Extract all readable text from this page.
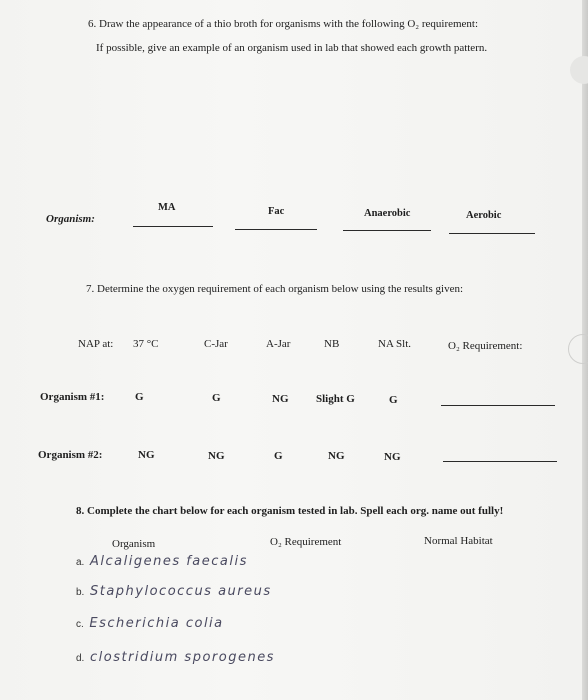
6. Draw the appearance of a thio broth for organisms with the following O₂ requirement:
If possible, give an example of an organism used in lab that showed each growth pattern.
MA	Fac	Anaerobic	Aerobic
Organism:
7. Determine the oxygen requirement of each organism below using the results given:
NAP at: 37 °C	C-Jar	A-Jar	NB	NA Slt.	O₂ Requirement:
Organism #1:	G	G	NG	Slight G	G
Organism #2:	NG	NG	G	NG	NG
8. Complete the chart below for each organism tested in lab. Spell each org. name out fully!
Organism	O₂ Requirement	Normal Habitat
a. Alcaligenes faecalis
b. Staphylococcus aureus
c. Escherichia colia
d. clostridium sporogenes
